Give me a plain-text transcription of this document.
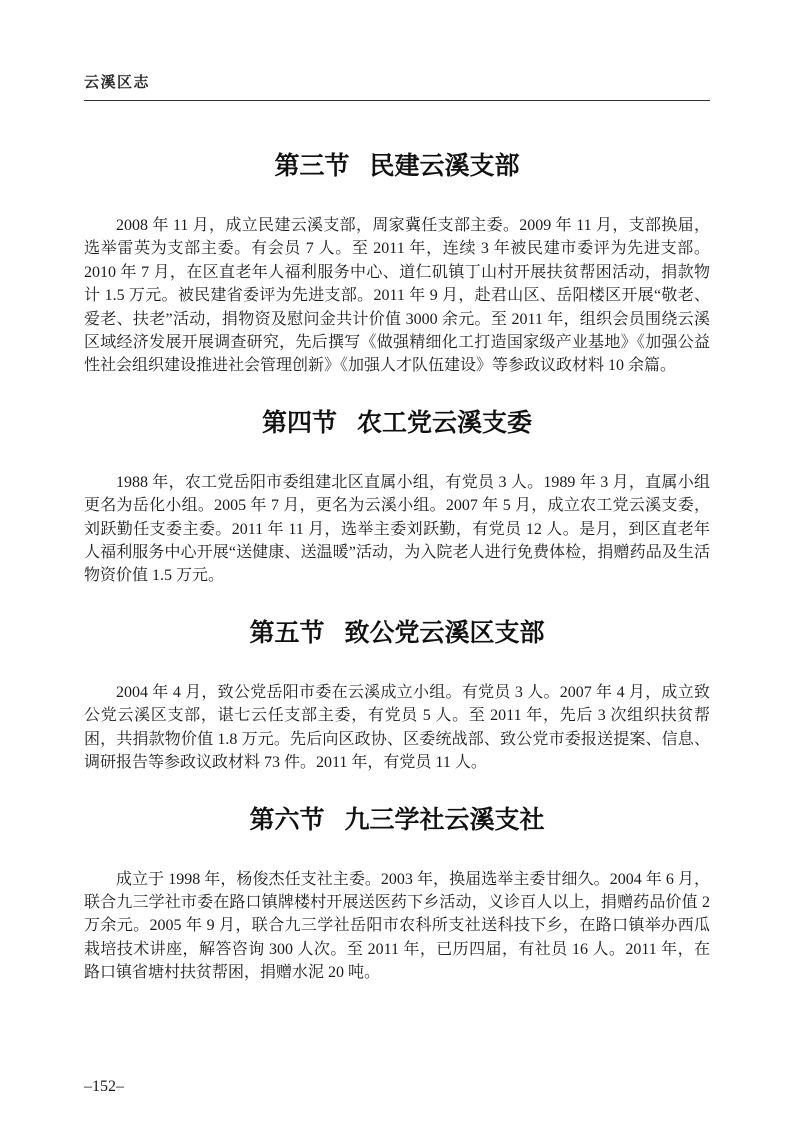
云溪区志
第三节 民建云溪支部

2008 年 11 月，成立民建云溪支部，周家冀任支部主委。2009 年 11 月，支部换届，选举雷英为支部主委。有会员 7 人。至 2011 年，连续 3 年被民建市委评为先进支部。2010 年 7 月，在区直老年人福利服务中心、道仁矶镇丁山村开展扶贫帮困活动，捐款物计 1.5 万元。被民建省委评为先进支部。2011 年 9 月，赴君山区、岳阳楼区开展“敬老、爱老、扶老”活动，捐物资及慰问金共计价值 3000 余元。至 2011 年，组织会员围绕云溪区域经济发展开展调查研究，先后撰写《做强精细化工打造国家级产业基地》《加强公益性社会组织建设推进社会管理创新》《加强人才队伍建设》等参政议政材料 10 余篇。

第四节 农工党云溪支委

1988 年，农工党岳阳市委组建北区直属小组，有党员 3 人。1989 年 3 月，直属小组更名为岳化小组。2005 年 7 月，更名为云溪小组。2007 年 5 月，成立农工党云溪支委，刘跃勤任支委主委。2011 年 11 月，选举主委刘跃勤，有党员 12 人。是月，到区直老年人福利服务中心开展“送健康、送温暖”活动，为入院老人进行免费体检，捐赠药品及生活物资价值 1.5 万元。

第五节 致公党云溪区支部

2004 年 4 月，致公党岳阳市委在云溪成立小组。有党员 3 人。2007 年 4 月，成立致公党云溪区支部，谌七云任支部主委，有党员 5 人。至 2011 年，先后 3 次组织扶贫帮困，共捐款物价值 1.8 万元。先后向区政协、区委统战部、致公党市委报送提案、信息、调研报告等参政议政材料 73 件。2011 年，有党员 11 人。

第六节 九三学社云溪支社

成立于 1998 年，杨俊杰任支社主委。2003 年，换届选举主委甘细久。2004 年 6 月，联合九三学社市委在路口镇牌楼村开展送医药下乡活动，义诊百人以上，捐赠药品价值 2 万余元。2005 年 9 月，联合九三学社岳阳市农科所支社送科技下乡，在路口镇举办西瓜栽培技术讲座，解答咨询 300 人次。至 2011 年，已历四届，有社员 16 人。2011 年，在路口镇省塘村扶贫帮困，捐赠水泥 20 吨。

–152–
